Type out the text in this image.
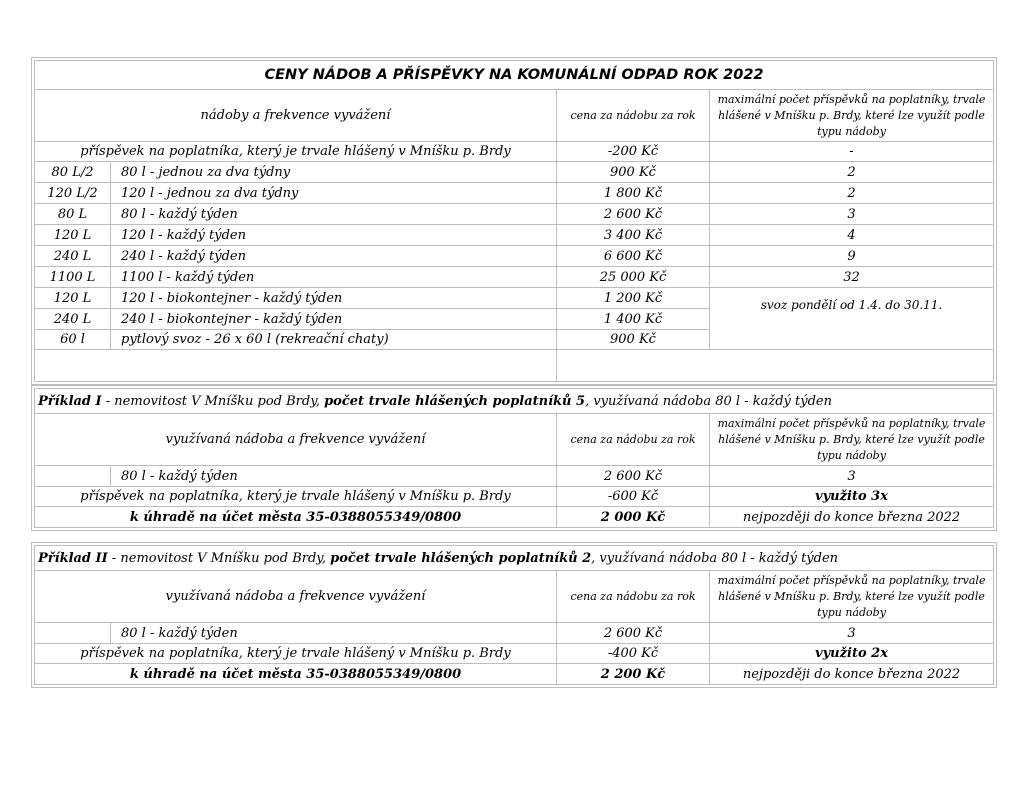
CENY NÁDOB A PŘÍSPĚVKY NA KOMUNÁLNÍ ODPAD ROK 2022			
nádoby a frekvence vyvážení		cena za nádobu za rok	maximální počet příspěvků na poplatníky, trvale hlášené v Mníšku p. Brdy, které lze využít podle typu nádoby
příspěvek na poplatníka, který je trvale hlášený v Mníšku p. Brdy		-200 Kč	-
80 L/2	80 l - jednou za dva týdny	900 Kč	2
120 L/2	120 l - jednou za dva týdny	1 800 Kč	2
80 L	80 l - každý týden	2 600 Kč	3
120 L	120 l - každý týden	3 400 Kč	4
240 L	240 l - každý týden	6 600 Kč	9
1100 L	1100 l - každý týden	25 000 Kč	32
120 L	120 l - biokontejner - každý týden	1 200 Kč	svoz pondělí od 1.4. do 30.11.
240 L	240 l - biokontejner - každý týden	1 400 Kč	
60 l	pytlový svoz - 26 x 60 l (rekreační chaty)	900 Kč	

Příklad I - nemovitost V Mníšku pod Brdy, počet trvale hlášených poplatníků 5, využívaná nádoba 80 l - každý týden			
využívaná nádoba a frekvence vyvážení		cena za nádobu za rok	maximální počet příspěvků na poplatníky, trvale hlášené v Mníšku p. Brdy, které lze využít podle typu nádoby
	80 l - každý týden	2 600 Kč	3
příspěvek na poplatníka, který je trvale hlášený v Mníšku p. Brdy		-600 Kč	využito 3x
k úhradě na účet města 35-0388055349/0800		2 000 Kč	nejpozději do konce března 2022
Příklad II - nemovitost V Mníšku pod Brdy, počet trvale hlášených poplatníků 2, využívaná nádoba 80 l - každý týden			
využívaná nádoba a frekvence vyvážení		cena za nádobu za rok	maximální počet příspěvků na poplatníky, trvale hlášené v Mníšku p. Brdy, které lze využít podle typu nádoby
	80 l - každý týden	2 600 Kč	3
příspěvek na poplatníka, který je trvale hlášený v Mníšku p. Brdy		-400 Kč	využito 2x
k úhradě na účet města 35-0388055349/0800		2 200 Kč	nejpozději do konce března 2022
